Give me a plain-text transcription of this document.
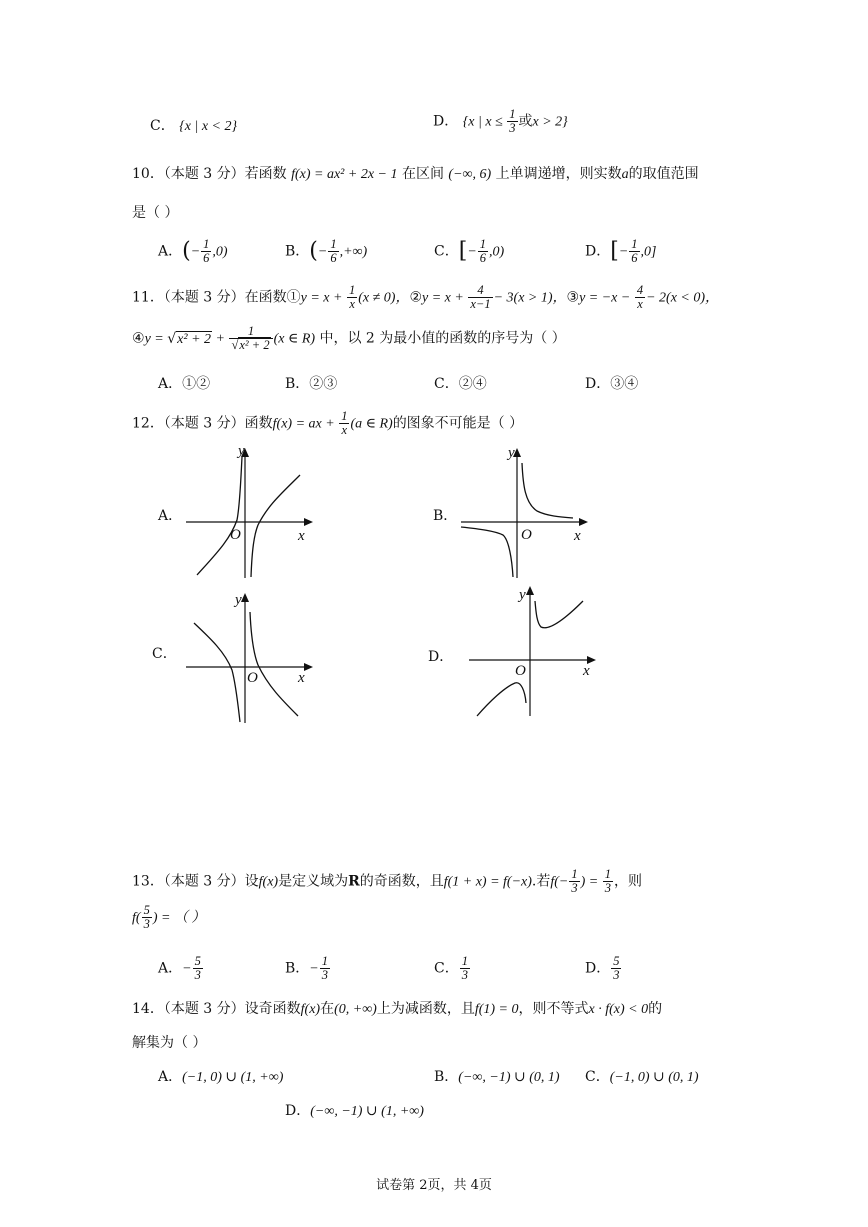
C． {x | x < 2}	D． {x | $x \le \frac{1}{3}$ 或x > 2}
10．（本题 3 分）若函数 f(x) = ax² + 2x − 1 在区间 (−∞, 6) 上单调递增，则实数a的取值范围
是（ ）
A．(− $\frac{1}{6} ,0$)	B．(− $\frac{1}{6}$ ,+∞)	C．[− $\frac{1}{6} ,0$)	D．[− $\frac{1}{6} ,0$]
11．（本题 3 分）在函数①y = $x + \frac{1}{x} (x \ne 0)$，②y = $x + \frac{4}{x-1} - 3(x > 1)$，③y = $-x - \frac{4}{x} - 2(x < 0)$，
④y = $√x^2 + 2 + \frac{1}{\text{√x² + 2}} (x$ ∈ R) 中，以 2 为最小值的函数的序号为（ ）
A．①②	B．②③	C．②④	D．③④
12．（本题 3 分）函数f(x) = ax + $\frac{1}{x} (a$ ∈ R)的图象不可能是（ ）
A．
y
x
O
B．
y
x
O
C．
y
x
O
D．
y
x
O
13．（本题 3 分）设f(x)是定义域为R的奇函数，且f(1 + x) = f(−x).若$f(- \frac{1}{3}$ ) = $\frac{1}{3}$ ，则
$f( \frac{5}{3}$ ) = （ ）
A．− $\frac{5}{3}$	B．− $\frac{1}{3}$	C． $\frac{1}{3}$	D． $\frac{5}{3}$
14．（本题 3 分）设奇函数f(x)在(0, +∞)上为减函数，且f(1) = 0，则不等式x · f(x) < 0的
解集为（ ）
A．(−1, 0) ∪ (1, +∞)	B．(−∞, −1) ∪ (0, 1) C．(−1, 0) ∪ (0, 1)
D．(−∞, −1) ∪ (1, +∞)
试卷第 2页，共 4页
